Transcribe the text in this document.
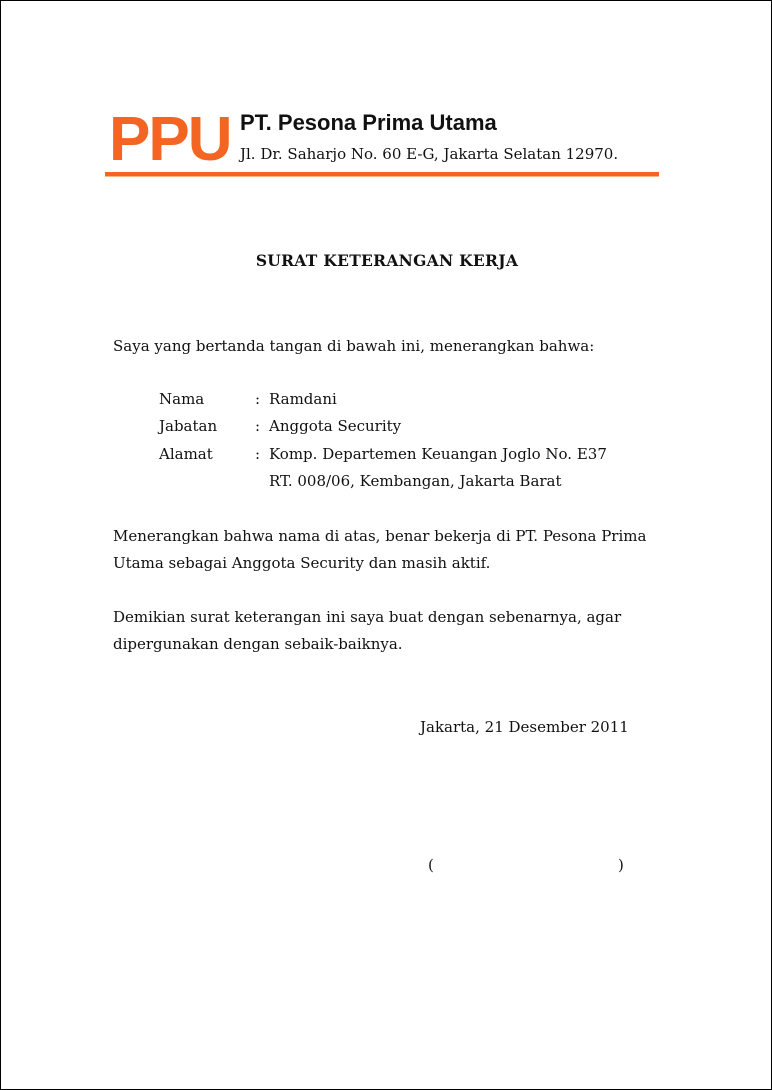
PPU PT. Pesona Prima Utama
Jl. Dr. Saharjo No. 60 E-G, Jakarta Selatan 12970.
SURAT KETERANGAN KERJA

Saya yang bertanda tangan di bawah ini, menerangkan bahwa:

Nama	: Ramdani
Jabatan	: Anggota Security
Alamat	: Komp. Departemen Keuangan Joglo No. E37
RT. 008/06, Kembangan, Jakarta Barat
Menerangkan bahwa nama di atas, benar bekerja di PT. Pesona Prima
Utama sebagai Anggota Security dan masih aktif.
Demikian surat keterangan ini saya buat dengan sebenarnya, agar
dipergunakan dengan sebaik-baiknya.
Jakarta, 21 Desember 2011
(	)
